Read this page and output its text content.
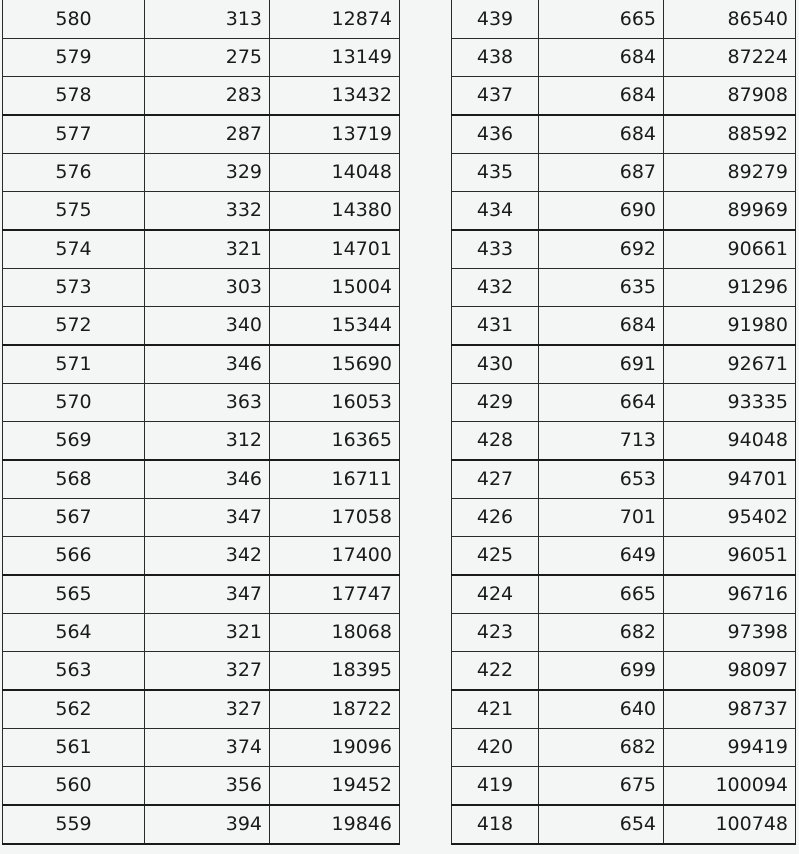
580	313	12874
579	275	13149
578	283	13432
577	287	13719
576	329	14048
575	332	14380
574	321	14701
573	303	15004
572	340	15344
571	346	15690
570	363	16053
569	312	16365
568	346	16711
567	347	17058
566	342	17400
565	347	17747
564	321	18068
563	327	18395
562	327	18722
561	374	19096
560	356	19452
559	394	19846
439	665	86540
438	684	87224
437	684	87908
436	684	88592
435	687	89279
434	690	89969
433	692	90661
432	635	91296
431	684	91980
430	691	92671
429	664	93335
428	713	94048
427	653	94701
426	701	95402
425	649	96051
424	665	96716
423	682	97398
422	699	98097
421	640	98737
420	682	99419
419	675	100094
418	654	100748
